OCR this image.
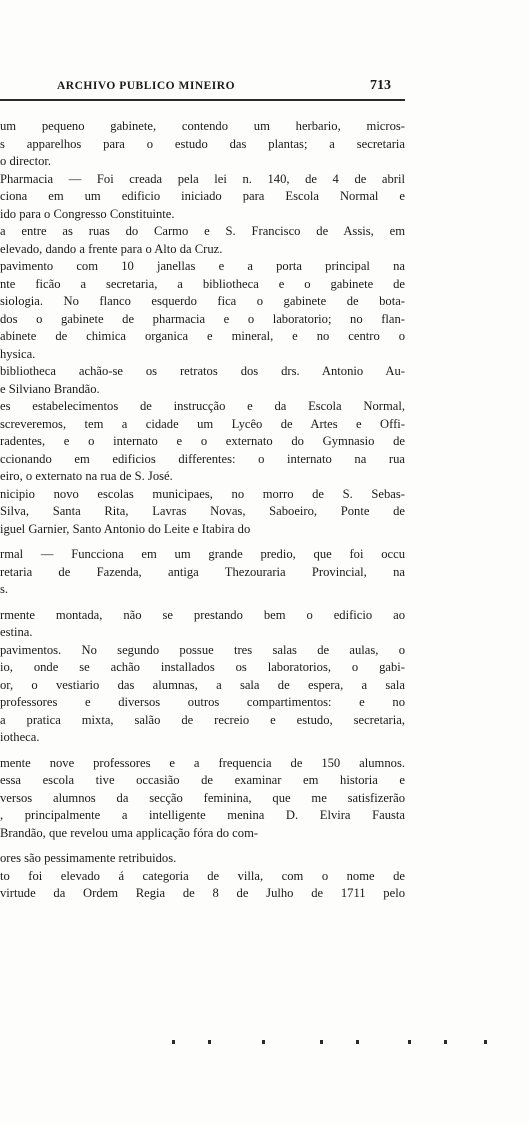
ARCHIVO PUBLICO MINEIRO	713
um pequeno gabinete, contendo um herbario, micros-
s apparelhos para o estudo das plantas; a secretaria
o director.
Pharmacia — Foi creada pela lei n. 140, de 4 de abril
ciona em um edificio iniciado para Escola Normal e
ido para o Congresso Constituinte.
a entre as ruas do Carmo e S. Francisco de Assis, em
elevado, dando a frente para o Alto da Cruz.
pavimento com 10 janellas e a porta principal na
nte ficão a secretaria, a bibliotheca e o gabinete de
siologia. No flanco esquerdo fica o gabinete de bota-
dos o gabinete de pharmacia e o laboratorio; no flan-
abinete de chimica organica e mineral, e no centro o
hysica.
bibliotheca achão-se os retratos dos drs. Antonio Au-
e Silviano Brandão.
es estabelecimentos de instrucção e da Escola Normal,
screveremos, tem a cidade um Lycêo de Artes e Offi-
radentes, e o internato e o externato do Gymnasio de
ccionando em edificios differentes: o internato na rua
eiro, o externato na rua de S. José.
nicipio novo escolas municipaes, no morro de S. Sebas-
Silva, Santa Rita, Lavras Novas, Saboeiro, Ponte de
iguel Garnier, Santo Antonio do Leite e Itabira do
rmal — Funcciona em um grande predio, que foi occu
retaria de Fazenda, antiga Thezouraria Provincial, na
s.
rmente montada, não se prestando bem o edificio ao
estina.
pavimentos. No segundo possue tres salas de aulas, o
io, onde se achão installados os laboratorios, o gabi-
or, o vestiario das alumnas, a sala de espera, a sala
professores e diversos outros compartimentos: e no
a pratica mixta, salão de recreio e estudo, secretaria,
iotheca.
mente nove professores e a frequencia de 150 alumnos.
essa escola tive occasião de examinar em historia e
versos alumnos da secção feminina, que me satisfizerão
, principalmente a intelligente menina D. Elvira Fausta
Brandão, que revelou uma applicação fóra do com-
ores são pessimamente retribuidos.
to foi elevado á categoria de villa, com o nome de
virtude da Ordem Regia de 8 de Julho de 1711 pelo
